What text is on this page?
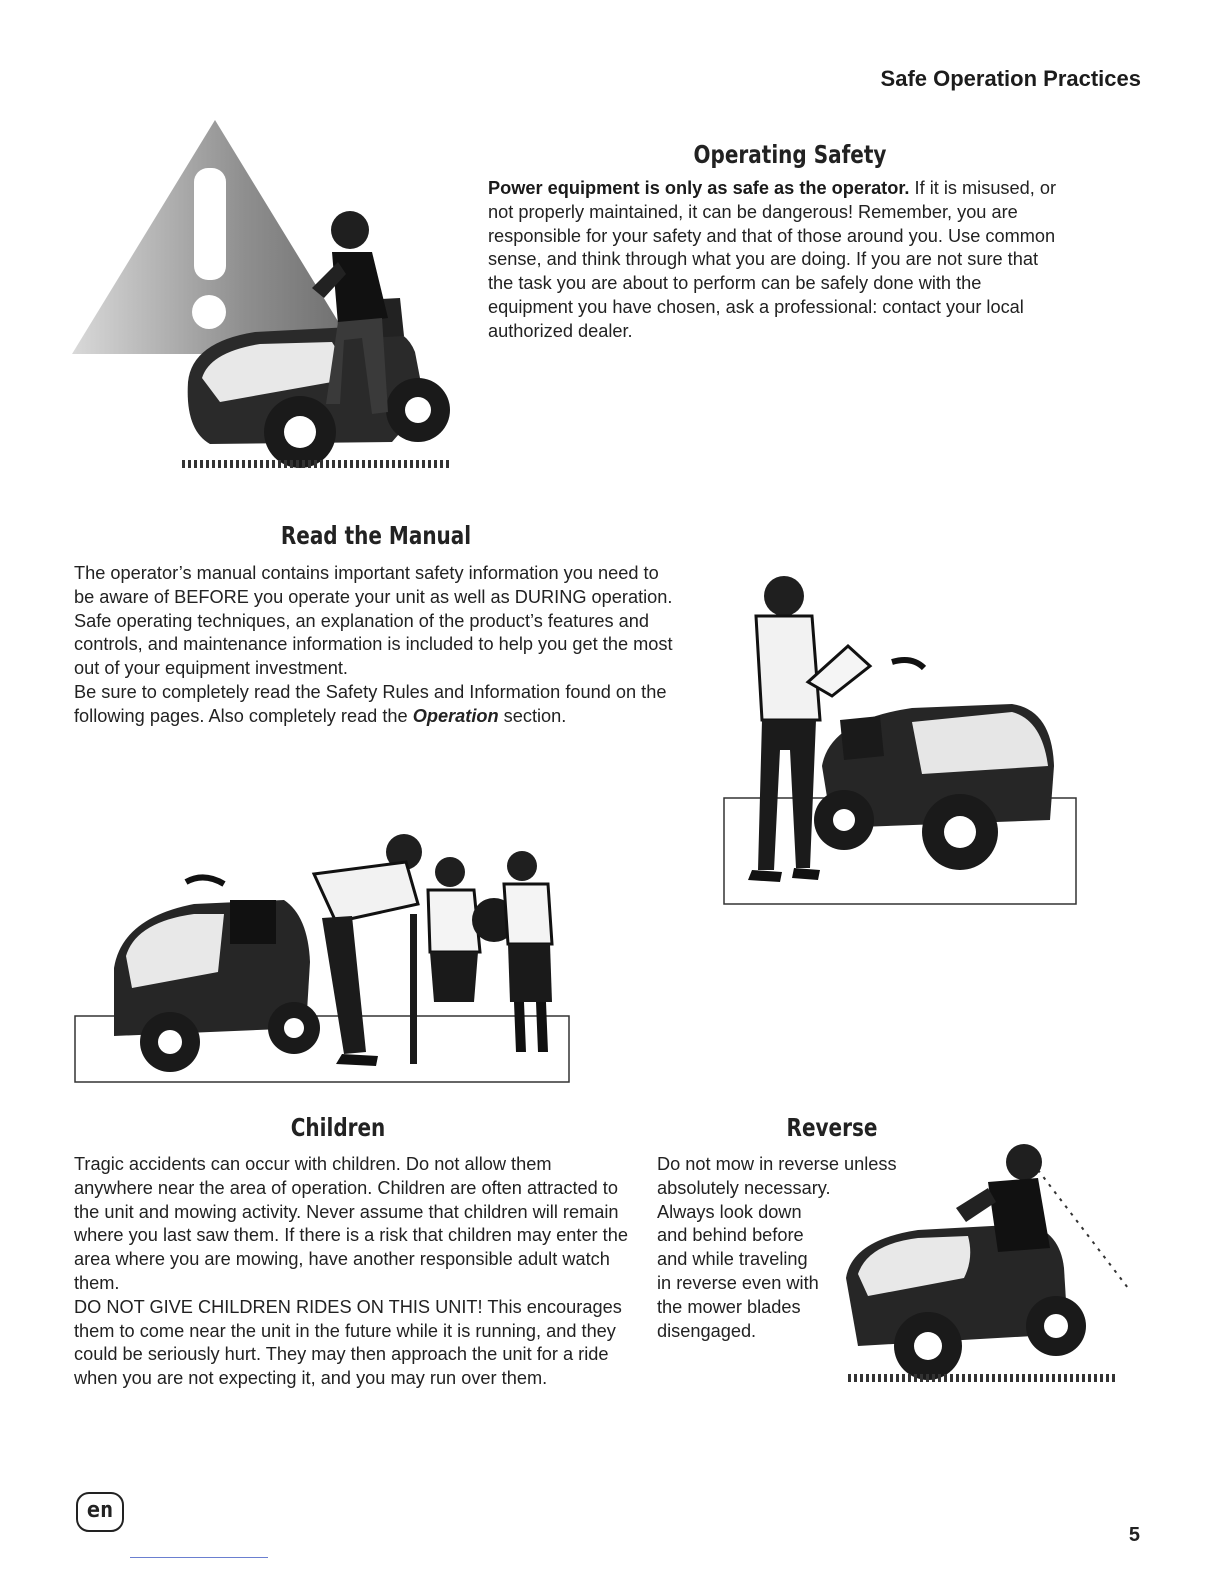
Safe Operation Practices
Operating Safety

Power equipment is only as safe as the operator. If it is misused, or not properly maintained, it can be dangerous! Remember, you are responsible for your safety and that of those around you. Use common sense, and think through what you are doing. If you are not sure that the task you are about to perform can be safely done with the equipment you have chosen, ask a professional: contact your local authorized dealer.

Read the Manual

The operator’s manual contains important safety information you need to be aware of BEFORE you operate your unit as well as DURING operation.

Safe operating techniques, an explanation of the product’s features and controls, and maintenance information is included to help you get the most out of your equipment investment.

Be sure to completely read the Safety Rules and Information found on the following pages. Also completely read the Operation section.

Children

Tragic accidents can occur with children. Do not allow them anywhere near the area of operation. Children are often attracted to the unit and mowing activity. Never assume that children will remain where you last saw them. If there is a risk that children may enter the area where you are mowing, have another responsible adult watch them.

DO NOT GIVE CHILDREN RIDES ON THIS UNIT! This encourages them to come near the unit in the future while it is running, and they could be seriously hurt. They may then approach the unit for a ride when you are not expecting it, and you may run over them.

Reverse

Do not mow in reverse unless

absolutely necessary.

Always look down

and behind before

and while traveling

in reverse even with

the mower blades

disengaged.

en
5
